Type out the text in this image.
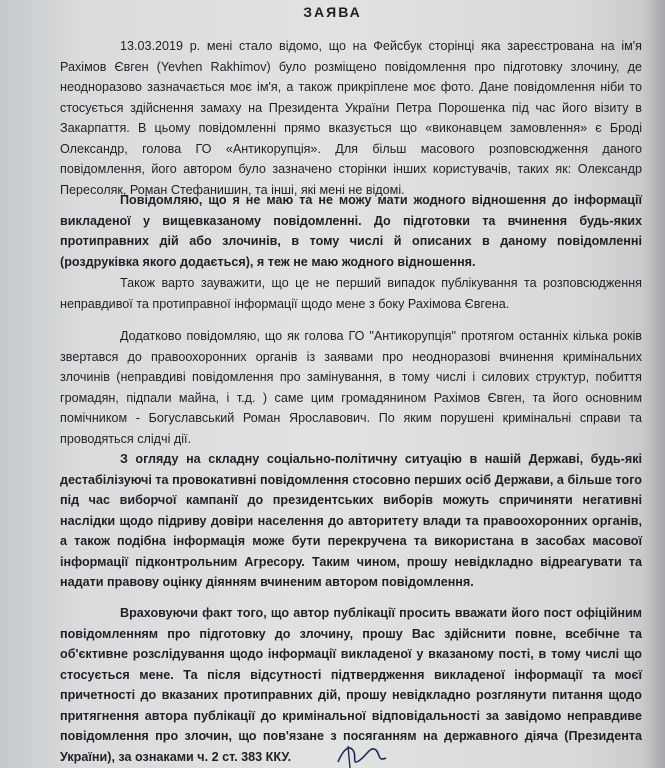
ЗАЯВА
13.03.2019 р. мені стало відомо, що на Фейсбук сторінці яка зареєстрована на ім'я Рахімов Євген (Yevhen Rakhimov) було розміщено повідомлення про підготовку злочину, де неодноразово зазначається моє ім'я, а також прикріплене моє фото. Дане повідомлення ніби то стосується здійснення замаху на Президента України Петра Порошенка під час його візиту в Закарпаття. В цьому повідомленні прямо вказується що «виконавцем замовлення» є Броді Олександр, голова ГО «Антикорупція». Для більш масового розповсюдження даного повідомлення, його автором було зазначено сторінки інших користувачів, таких як: Олександр Пересоляк, Роман Стефанишин, та інші, які мені не відомі.
Повідомляю, що я не маю та не можу мати жодного відношення до інформації викладеної у вищевказаному повідомленні. До підготовки та вчинення будь-яких протиправних дій або злочинів, в тому числі й описаних в даному повідомленні (роздруківка якого додається), я теж не маю жодного відношення.
Також варто зауважити, що це не перший випадок публікування та розповсюдження неправдивої та протиправної інформації щодо мене з боку Рахімова Євгена.
Додатково повідомляю, що як голова ГО "Антикорупція" протягом останніх кілька років звертався до правоохоронних органів із заявами про неодноразові вчинення кримінальних злочинів (неправдиві повідомлення про замінування, в тому числі і силових структур, побиття громадян, підпали майна, і т.д. ) саме цим громадянином Рахімов Євген, та його основним помічником - Богуславський Роман Ярославович. По яким порушені кримінальні справи та проводяться слідчі дії.
З огляду на складну соціально-політичну ситуацію в нашій Державі, будь-які дестабілізуючі та провокативні повідомлення стосовно перших осіб Держави, а більше того під час виборчої кампанії до президентських виборів можуть спричиняти негативні наслідки щодо підриву довіри населення до авторитету влади та правоохоронних органів, а також подібна інформація може бути перекручена та використана в засобах масової інформації підконтрольним Агресору. Таким чином, прошу невідкладно відреагувати та надати правову оцінку діянням вчиненим автором повідомлення.
Враховуючи факт того, що автор публікації просить вважати його пост офіційним повідомленням про підготовку до злочину, прошу Вас здійснити повне, всебічне та об'єктивне розслідування щодо інформації викладеної у вказаному пості, в тому числі що стосується мене. Та після відсутності підтвердження викладеної інформації та моєї причетності до вказаних протиправних дій, прошу невідкладно розглянути питання щодо притягнення автора публікації до кримінальної відповідальності за завідомо неправдиве повідомлення про злочин, що пов'язане з посяганням на державного діяча (Президента України), за ознаками ч. 2 ст. 383 ККУ.
